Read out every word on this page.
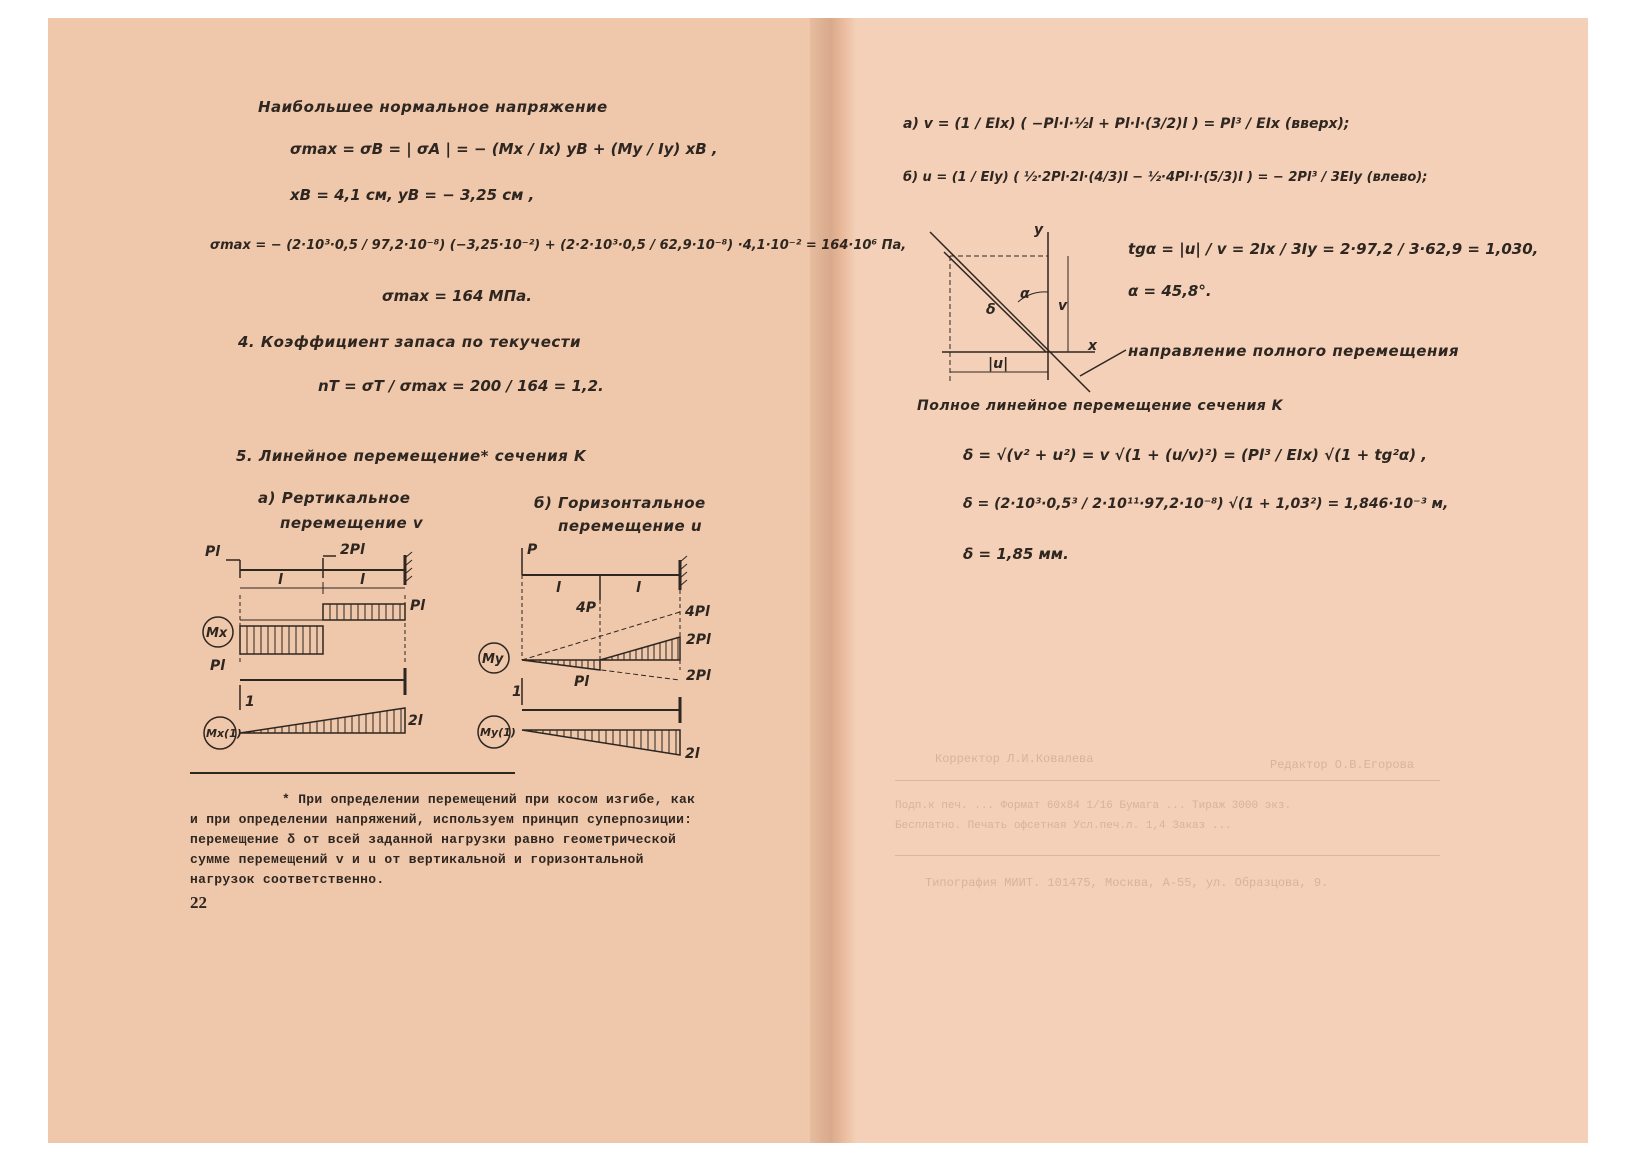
Наибольшее нормальное напряжение
σmax = σB = | σA | = − (Mx / Ix) yB + (My / Iy) xB ,
xB = 4,1 см, yB = − 3,25 см ,
σmax = − (2·10³·0,5 / 97,2·10⁻⁸) (−3,25·10⁻²) + (2·2·10³·0,5 / 62,9·10⁻⁸) ·4,1·10⁻² = 164·10⁶ Па,
σmax = 164 МПа.
4. Коэффициент запаса по текучести
nT = σT / σmax = 200 / 164 = 1,2.
5. Линейное перемещение* сечения K
а) Pертикальное
перемещение v
б) Горизонтальное
перемещение u
Pl	2Pl
l	l
Pl
Mx
Pl
1
2l
Mx(1)
P
l	l
4P	4Pl
2Pl
Pl	2Pl
My
1
2l
My(1)
* При определении перемещений при косом изгибе, как
и при определении напряжений, используем принцип суперпозиции:
перемещение δ от всей заданной нагрузки равно геометрической
сумме перемещений v и u от вертикальной и горизонтальной
нагрузок соответственно.
22
а) v = (1 / EIx) ( −Pl·l·½l + Pl·l·(3/2)l ) = Pl³ / EIx (вверх);
б) u = (1 / EIy) ( ½·2Pl·2l·(4/3)l − ½·4Pl·l·(5/3)l ) = − 2Pl³ / 3EIy (влево);
y
x
δ
α
v
|u|
tgα = |u| / v = 2Ix / 3Iy = 2·97,2 / 3·62,9 = 1,030,
α = 45,8°.
направление полного перемещения
Полное линейное перемещение сечения K
δ = √(v² + u²) = v √(1 + (u/v)²) = (Pl³ / EIx) √(1 + tg²α) ,
δ = (2·10³·0,5³ / 2·10¹¹·97,2·10⁻⁸) √(1 + 1,03²) = 1,846·10⁻³ м,
δ = 1,85 мм.
Корректор Л.И.Ковалева	Редактор О.В.Егорова
Подп.к печ. ... Формат 60x84 1/16 Бумага ... Тираж 3000 экз.
Бесплатно. Печать офсетная Усл.печ.л. 1,4 Заказ ...
Типография МИИТ. 101475, Москва, А-55, ул. Образцова, 9.
